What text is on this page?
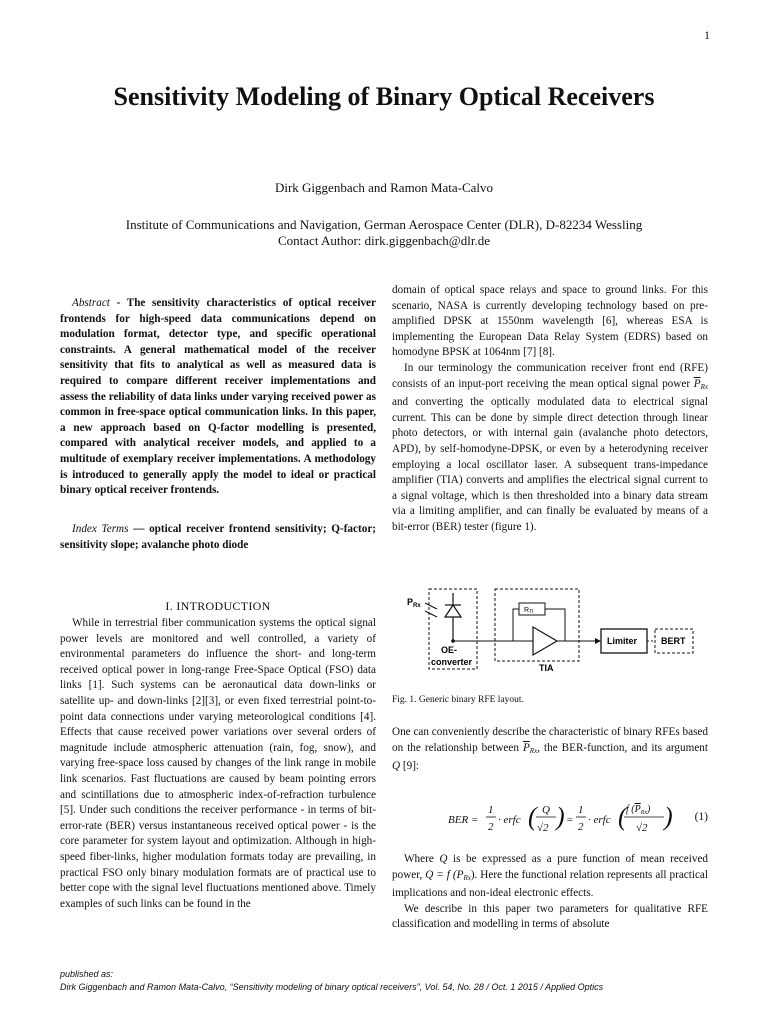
1
Sensitivity Modeling of Binary Optical Receivers
Dirk Giggenbach and Ramon Mata-Calvo
Institute of Communications and Navigation, German Aerospace Center (DLR), D-82234 Wessling
Contact Author: dirk.giggenbach@dlr.de

Abstract - The sensitivity characteristics of optical receiver frontends for high-speed data communications depend on modulation format, detector type, and specific operational constraints. A general mathematical model of the receiver sensitivity that fits to analytical as well as measured data is required to compare different receiver implementations and assess the reliability of data links under varying received power as common in free-space optical communication links. In this paper, a new approach based on Q-factor modelling is presented, compared with analytical receiver models, and applied to a multitude of exemplary receiver implementations. A methodology is introduced to generally apply the model to ideal or practical binary optical receiver frontends.

Index Terms — optical receiver frontend sensitivity; Q-factor; sensitivity slope; avalanche photo diode

I. INTRODUCTION

While in terrestrial fiber communication systems the optical signal power levels are monitored and well controlled, a variety of environmental parameters do influence the short- and long-term received optical power in long-range Free-Space Optical (FSO) data links [1]. Such systems can be aeronautical data down-links or satellite up- and down-links [2][3], or even fixed terrestrial point-to-point data connections under varying meteorological conditions [4]. Effects that cause received power variations over several orders of magnitude include atmospheric attenuation (rain, fog, snow), and varying free-space loss caused by changes of the link range in mobile link scenarios. Fast fluctuations are caused by beam pointing errors and scintillations due to atmospheric index-of-refraction turbulence [5]. Under such conditions the receiver performance - in terms of bit-error-rate (BER) versus instantaneous received optical power - is the core parameter for system layout and optimization. Although in high-speed fiber-links, higher modulation formats today are prevailing, in practical FSO only binary modulation formats are of practical use to better cope with the signal level fluctuations mentioned above. Timely examples of such links can be found in the

domain of optical space relays and space to ground links. For this scenario, NASA is currently developing technology based on pre-amplified DPSK at 1550nm wavelength [6], whereas ESA is implementing the European Data Relay System (EDRS) based on homodyne BPSK at 1064nm [7] [8].

In our terminology the communication receiver front end (RFE) consists of an input-port receiving the mean optical signal power $\overline{P}_{Rx}$ and converting the optically modulated data to electrical signal current. This can be done by simple direct detection through linear photo detectors, or with internal gain (avalanche photo detectors, APD), by self-homodyne-DPSK, or even by a heterodyning receiver employing a local oscillator laser. A subsequent trans-impedance amplifier (TIA) converts and amplifies the electrical signal current to a signal voltage, which is then thresholded into a binary data stream via a limiting amplifier, and can finally be evaluated by means of a bit-error (BER) tester (figure 1).

$P_{Rx}$
OE-
converter
RTI
TIA
Limiter	BERT
Fig. 1. Generic binary RFE layout.

One can conveniently describe the characteristic of binary RFEs based on the relationship between $\overline{P}_{Rx}$, the BER-function, and its argument Q [9]:

BER =
1
2
· erfc ( Q
√2 ) =
1
2
· erfc ( f $(P_{Rx})$
√2 ) (1)

Where Q is be expressed as a pure function of mean received power, Q = f $(P_{Rx})$. Here the functional relation represents all practical implications and non-ideal electronic effects.

We describe in this paper two parameters for qualitative RFE classification and modelling in terms of absolute

published as:
Dirk Giggenbach and Ramon Mata-Calvo, “Sensitivity modeling of binary optical receivers”, Vol. 54, No. 28 / Oct. 1 2015 / Applied Optics
